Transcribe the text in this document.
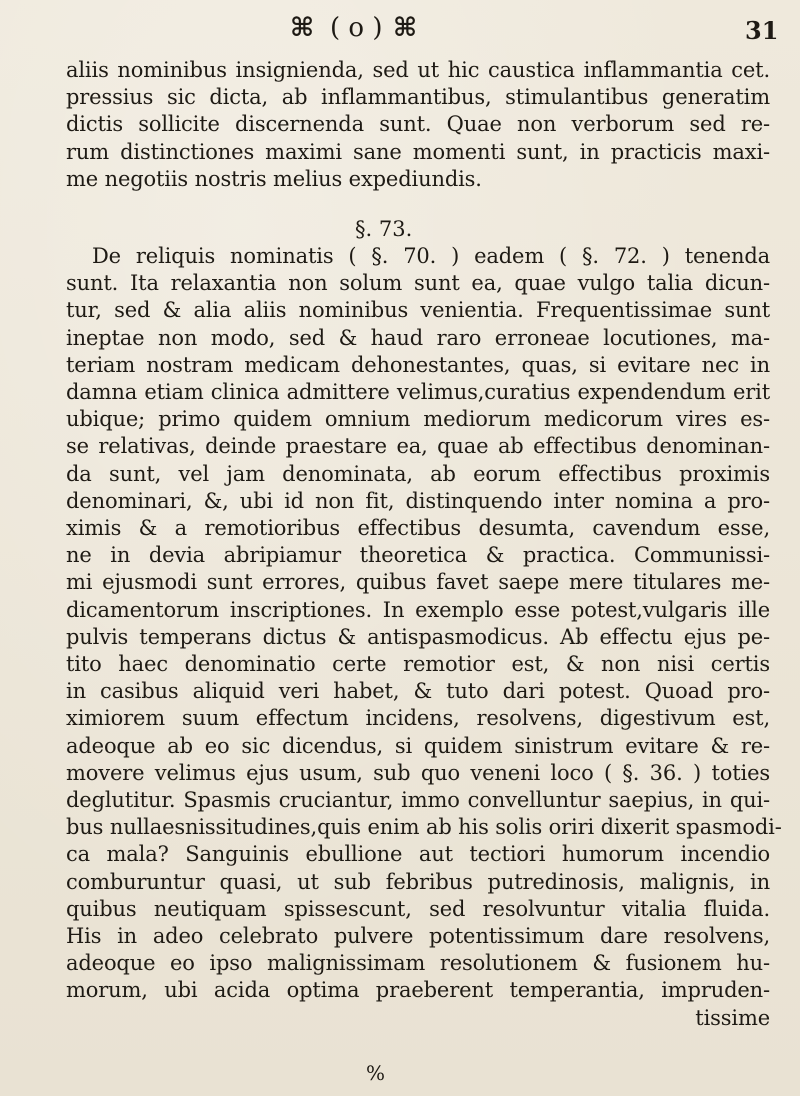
⌘ ( o ) ⌘	31
aliis nominibus insignienda, sed ut hic caustica inflammantia cet.
pressius sic dicta, ab inflammantibus, stimulantibus generatim
dictis sollicite discernenda sunt. Quae non verborum sed re-
rum distinctiones maximi sane momenti sunt, in practicis maxi-
me negotiis nostris melius expediundis.
§. 73.
De reliquis nominatis ( §. 70. ) eadem ( §. 72. ) tenenda
sunt. Ita relaxantia non solum sunt ea, quae vulgo talia dicun-
tur, sed & alia aliis nominibus venientia. Frequentissimae sunt
ineptae non modo, sed & haud raro erroneae locutiones, ma-
teriam nostram medicam dehonestantes, quas, si evitare nec in
damna etiam clinica admittere velimus,curatius expendendum erit
ubique; primo quidem omnium mediorum medicorum vires es-
se relativas, deinde praestare ea, quae ab effectibus denominan-
da sunt, vel jam denominata, ab eorum effectibus proximis
denominari, &, ubi id non fit, distinquendo inter nomina a pro-
ximis & a remotioribus effectibus desumta, cavendum esse,
ne in devia abripiamur theoretica & practica. Communissi-
mi ejusmodi sunt errores, quibus favet saepe mere titulares me-
dicamentorum inscriptiones. In exemplo esse potest,vulgaris ille
pulvis temperans dictus & antispasmodicus. Ab effectu ejus pe-
tito haec denominatio certe remotior est, & non nisi certis
in casibus aliquid veri habet, & tuto dari potest. Quoad pro-
ximiorem suum effectum incidens, resolvens, digestivum est,
adeoque ab eo sic dicendus, si quidem sinistrum evitare & re-
movere velimus ejus usum, sub quo veneni loco ( §. 36. ) toties
deglutitur. Spasmis cruciantur, immo convelluntur saepius, in qui-
bus nullaesnissitudines,quis enim ab his solis oriri dixerit spasmodi-
ca mala? Sanguinis ebullione aut tectiori humorum incendio
comburuntur quasi, ut sub febribus putredinosis, malignis, in
quibus neutiquam spissescunt, sed resolvuntur vitalia fluida.
His in adeo celebrato pulvere potentissimum dare resolvens,
adeoque eo ipso malignissimam resolutionem & fusionem hu-
morum, ubi acida optima praeberent temperantia, impruden-
tissime
%
